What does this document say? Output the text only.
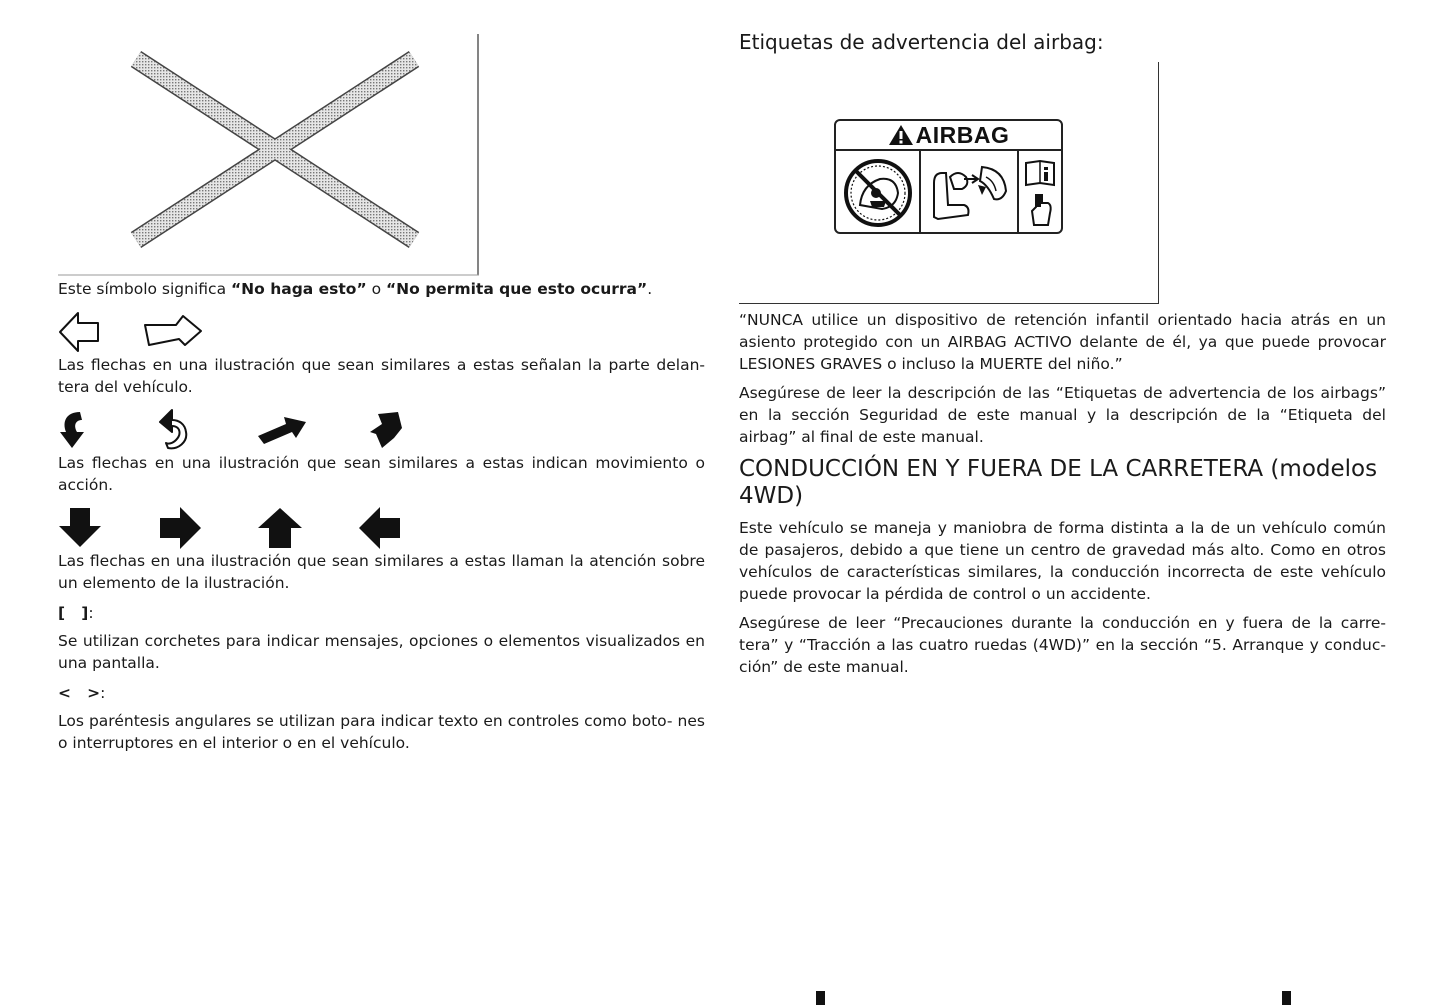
Este símbolo significa “No haga esto” o “No permita que esto ocurra”.

Las flechas en una ilustración que sean similares a estas señalan la parte delan- tera del vehículo.

Las flechas en una ilustración que sean similares a estas indican movimiento o acción.

Las flechas en una ilustración que sean similares a estas llaman la atención sobre un elemento de la ilustración.

[   ]:

Se utilizan corchetes para indicar mensajes, opciones o elementos visualizados en una pantalla.

<   >:

Los paréntesis angulares se utilizan para indicar texto en controles como boto- nes o interruptores en el interior o en el vehículo.

Etiquetas de advertencia del airbag:

AIRBAG

“NUNCA utilice un dispositivo de retención infantil orientado hacia atrás en un asiento protegido con un AIRBAG ACTIVO delante de él, ya que puede provocar LESIONES GRAVES o incluso la MUERTE del niño.”

Asegúrese de leer la descripción de las “Etiquetas de advertencia de los airbags” en la sección Seguridad de este manual y la descripción de la “Etiqueta del airbag” al final de este manual.

CONDUCCIÓN EN Y FUERA DE LA CARRETERA (modelos 4WD)

Este vehículo se maneja y maniobra de forma distinta a la de un vehículo común de pasajeros, debido a que tiene un centro de gravedad más alto. Como en otros vehículos de características similares, la conducción incorrecta de este vehículo puede provocar la pérdida de control o un accidente.

Asegúrese de leer “Precauciones durante la conducción en y fuera de la carre- tera” y “Tracción a las cuatro ruedas (4WD)” en la sección “5. Arranque y conduc- ción” de este manual.
